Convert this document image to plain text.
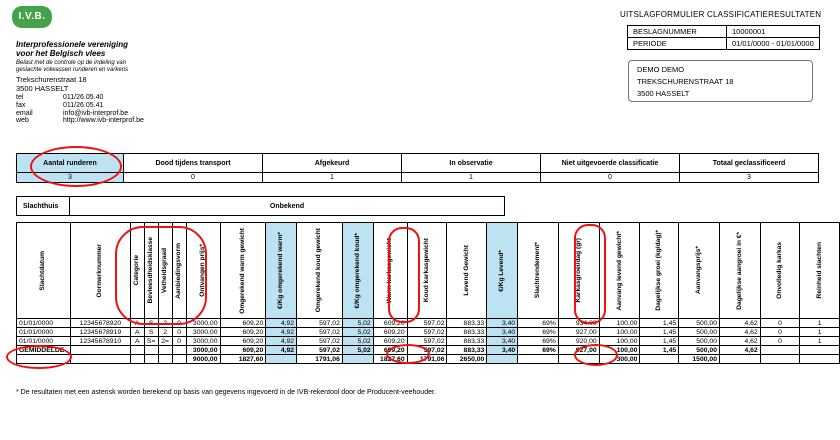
I.V.B.
Interprofessionele vereniging
voor het Belgisch vlees
Belast met de controle op de indeling van
geslachte volwassen runderen en varkens
Trekschurenstraat 18
3500 HASSELT
tel	011/26.05.40
fax	011/26.05.41
email	info@ivb-interprof.be
web	http://www.ivb-interprof.be
UITSLAGFORMULIER CLASSIFICATIERESULTATEN
BESLAGNUMMER	10000001
PERIODE	01/01/0000 - 01/01/0000
DEMO DEMO
TREKSCHURENSTRAAT 18
3500 HASSELT
Aantal runderen	Dood tijdens transport	Afgekeurd	In observatie	Niet uitgevoerde classificatie	Totaal geclassificeerd
3	0	1	1	0	3
Slachthuis	Onbekend
Slachtdatum	Oormerknummer	Categorie	Bevleesdheidsklasse	Vetheidsgraad	Aanbiedingsvorm	Ontvangen prijs*	Omgerekend warm gewicht	€/Kg omgerekend warm*	Omgerekend koud gewicht	€/Kg omgerekend koud*	Warm karkasgewicht	Koud karkasgewicht	Levend Gewicht	€/Kg Levend*	Slachtrendement*	Karkasgroei/dag (gr)	Aanvang levend gewicht*	Dagelijkse groei (kg/dag)*	Aanvangsprijs*	Dagelijkse aangroei in €*	Onvolledig karkas	Reinheid slachten

01/01/0000	12345678920	A	S	2	0	3000,00	609,20	4,92	597,02	5,02	609,20	597,02	883,33	3,40	69%	934,00	100,00	1,45	500,00	4,62	0	1
01/01/0000	12345678919	A	S	2	0	3000,00	609,20	4,92	597,02	5,02	609,20	597,02	883,33	3,40	69%	927,00	100,00	1,45	500,00	4,62	0	1
01/01/0000	12345678910	A	S=	2=	0	3000,00	609,20	4,92	597,02	5,02	609,20	597,02	883,33	3,40	69%	920,00	100,00	1,45	500,00	4,62	0	1
GEMIDDELDE						3000,00	609,20	4,92	597,02	5,02	609,20	597,02	883,33	3,40	69%	927,00	100,00	1,45	500,00	4,62		
						9000,00	1827,60		1791,06		1827,60	1791,06	2650,00				300,00		1500,00			
* De resultaten met een asterisk worden berekend op basis van gegevens ingevoerd in de IVB-rekentool door de Producent-veehouder.
